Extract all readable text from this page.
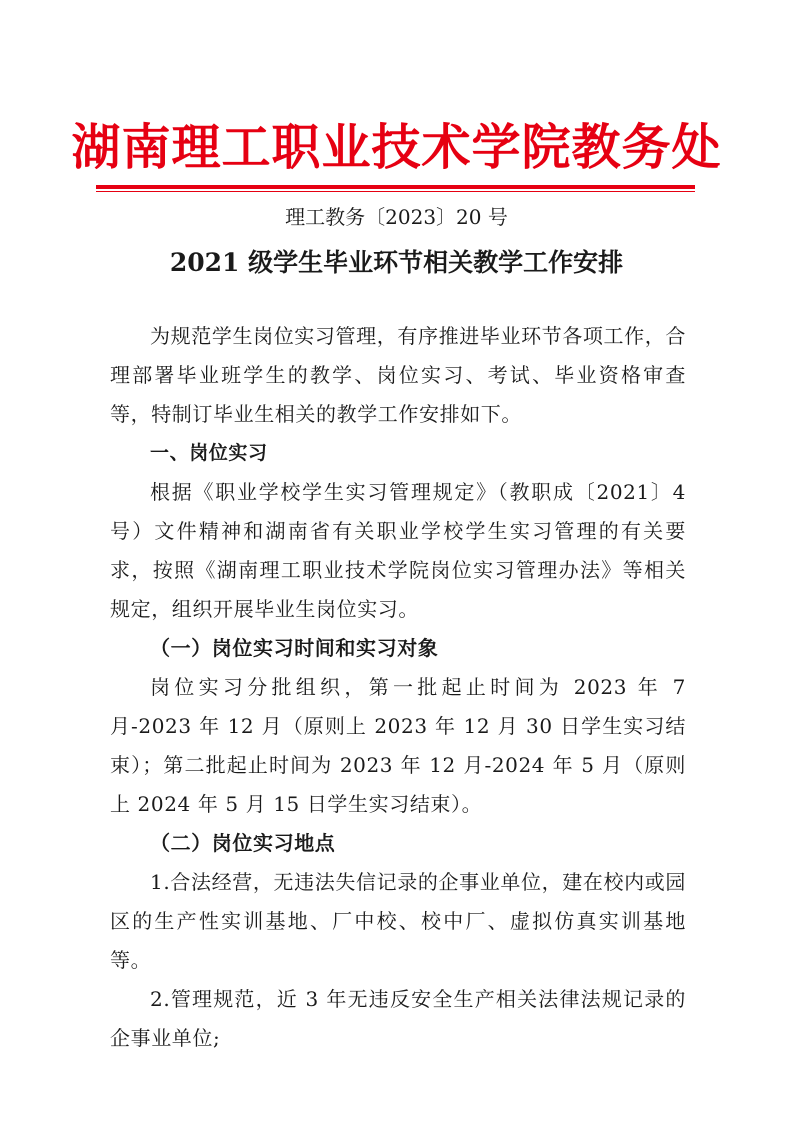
湖南理工职业技术学院教务处
理工教务〔2023〕20 号
2021 级学生毕业环节相关教学工作安排

为规范学生岗位实习管理，有序推进毕业环节各项工作，合理部署毕业班学生的教学、岗位实习、考试、毕业资格审查等，特制订毕业生相关的教学工作安排如下。

一、岗位实习

根据《职业学校学生实习管理规定》（教职成〔2021〕4 号）文件精神和湖南省有关职业学校学生实习管理的有关要求，按照《湖南理工职业技术学院岗位实习管理办法》等相关规定，组织开展毕业生岗位实习。

（一）岗位实习时间和实习对象

岗位实习分批组织，第一批起止时间为 2023 年 7 月-2023 年 12 月（原则上 2023 年 12 月 30 日学生实习结束）；第二批起止时间为 2023 年 12 月-2024 年 5 月（原则上 2024 年 5 月 15 日学生实习结束）。

（二）岗位实习地点

1.合法经营，无违法失信记录的企事业单位，建在校内或园区的生产性实训基地、厂中校、校中厂、虚拟仿真实训基地等。

2.管理规范，近 3 年无违反安全生产相关法律法规记录的企事业单位;
